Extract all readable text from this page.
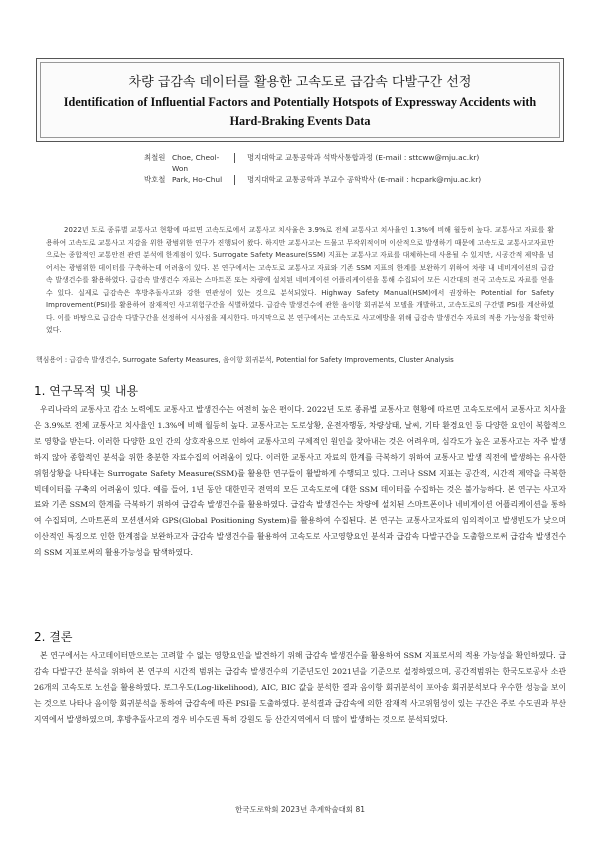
차량 급감속 데이터를 활용한 고속도로 급감속 다발구간 선정
Identification of Influential Factors and Potentially Hotspots of Expressway Accidents with Hard-Braking Events Data
최철원 Choe, Cheol-Won
명지대학교 교통공학과 석박사통합과정 (E-mail : sttcww@mju.ac.kr)
박호철 Park, Ho-Chul	명지대학교 교통공학과 부교수 공학박사 (E-mail : hcpark@mju.ac.kr)

2022년 도로 종류별 교통사고 현황에 따르면 고속도로에서 교통사고 치사율은 3.9%로 전체 교통사고 치사율인 1.3%에 비해 월등히 높다. 교통사고 자료를 활용하여 고속도로 교통사고 지감을 위한 광범위한 연구가 진행되어 왔다. 하지만 교통사고는 드물고 무작위적이며 이산적으로 발생하기 때문에 고속도로 교통사고자료만으로는 종합적인 교통안전 관련 분석에 한계점이 있다. Surrogate Safety Measure(SSM) 지표는 교통사고 자료를 대체하는데 사용될 수 있지만, 시공간적 제약을 넘어서는 광범위한 데이터를 구축하는데 어려움이 있다. 본 연구에서는 고속도로 교통사고 자료와 기존 SSM 지표의 한계를 보완하기 위하여 차량 내 네비게이션의 급감속 발생건수를 활용하였다. 급감속 발생건수 자료는 스마트폰 또는 차량에 설치된 네비게이션 어플리케이션을 통해 수집되어 모든 시간대의 전국 고속도로 자료를 얻을 수 있다. 실제로 급감속은 후방추돌사고와 강한 연관성이 있는 것으로 분석되었다. Highway Safety Manual(HSM)에서 권장하는 Potential for Safety Improvement(PSI)를 활용하여 잠재적인 사고위험구간을 식별하였다. 급감속 발생건수에 관한 음이항 회귀분석 모델을 개발하고, 고속도로의 구간별 PSI를 계산하였다. 이를 바탕으로 급감속 다발구간을 선정하여 시사점을 제시한다. 마지막으로 본 연구에서는 고속도로 사고예방을 위해 급감속 발생건수 자료의 적용 가능성을 확인하였다.

핵심용어 : 급감속 발생건수, Surrogate Saferty Measures, 음이항 회귀분석, Potential for Safety Improvements, Cluster Analysis
1. 연구목적 및 내용

우리나라의 교통사고 감소 노력에도 교통사고 발생건수는 여전히 높은 편이다. 2022년 도로 종류별 교통사고 현황에 따르면 고속도로에서 교통사고 치사율은 3.9%로 전체 교통사고 치사율인 1.3%에 비해 월등히 높다. 교통사고는 도로상황, 운전자행동, 차량상태, 날씨, 기타 환경요인 등 다양한 요인이 복합적으로 영향을 받는다. 이러한 다양한 요인 간의 상호작용으로 인하여 교통사고의 구체적인 원인을 찾아내는 것은 어려우며, 심각도가 높은 교통사고는 자주 발생하지 않아 종합적인 분석을 위한 충분한 자료수집의 어려움이 있다. 이러한 교통사고 자료의 한계를 극복하기 위하여 교통사고 발생 직전에 발생하는 유사한 위험상황을 나타내는 Surrogate Safety Measure(SSM)를 활용한 연구들이 활발하게 수행되고 있다. 그러나 SSM 지표는 공간적, 시간적 제약을 극복한 빅데이터를 구축의 어려움이 있다. 예를 들어, 1년 동안 대한민국 전역의 모든 고속도로에 대한 SSM 데이터를 수집하는 것은 불가능하다. 본 연구는 사고자료와 기존 SSM의 한계를 극복하기 위하여 급감속 발생건수를 활용하였다. 급감속 발생건수는 차량에 설치된 스마트폰이나 네비게이션 어플리케이션을 통하여 수집되며, 스마트폰의 모션센서와 GPS(Global Positioning System)를 활용하여 수집된다. 본 연구는 교통사고자료의 임의적이고 발생빈도가 낮으며 이산적인 특징으로 인한 한계점을 보완하고자 급감속 발생건수를 활용하여 고속도로 사고영향요인 분석과 급감속 다발구간을 도출함으로써 급감속 발생건수의 SSM 지표로써의 활용가능성을 탐색하였다.

2. 결론

본 연구에서는 사고데이터만으로는 고려할 수 없는 영향요인을 발견하기 위해 급감속 발생건수를 활용하여 SSM 지표로서의 적용 가능성을 확인하였다. 급감속 다발구간 분석을 위하여 본 연구의 시간적 범위는 급감속 발생건수의 기준년도인 2021년을 기준으로 설정하였으며, 공간적범위는 한국도로공사 소관 26개의 고속도로 노선을 활용하였다. 로그우도(Log-likelihood), AIC, BIC 값을 분석한 결과 음이항 회귀분석이 포아송 회귀분석보다 우수한 성능을 보이는 것으로 나타나 음이항 회귀분석을 통하여 급감속에 따른 PSI를 도출하였다. 분석결과 급감속에 의한 잠재적 사고위험성이 있는 구간은 주로 수도권과 부산지역에서 발생하였으며, 후방추돌사고의 경우 비수도권 특히 강원도 등 산간지역에서 더 많이 발생하는 것으로 분석되었다.

한국도로학회 2023년 추계학술대회 81
